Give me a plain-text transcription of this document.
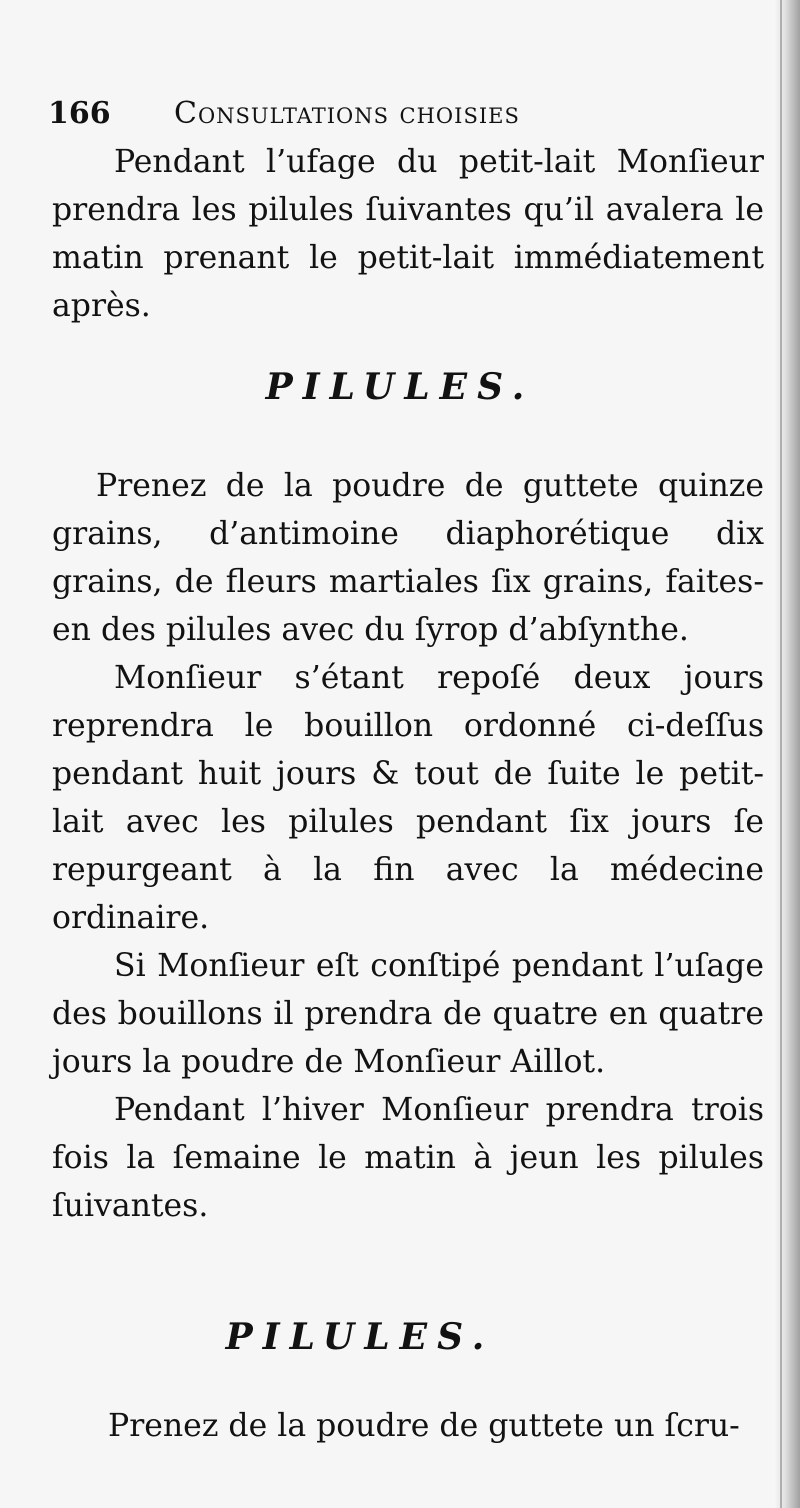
166 Consultations choisies

Pendant l’ufage du petit-lait Monſieur prendra les pilules ſuivantes qu’il avalera le matin prenant le petit-lait immédiatement après.

PILULES.

Prenez de la poudre de guttete quinze grains, d’antimoine diaphorétique dix grains, de fleurs martiales ſix grains, faites-en des pilules avec du ſyrop d’abſynthe.

Monſieur s’étant repoſé deux jours reprendra le bouillon ordonné ci-deſſus pendant huit jours & tout de ſuite le petit-lait avec les pilules pendant ſix jours ſe repurgeant à la fin avec la médecine ordinaire.

Si Monſieur eſt conſtipé pendant l’uſage des bouillons il prendra de quatre en quatre jours la poudre de Monſieur Aillot.

Pendant l’hiver Monſieur prendra trois fois la ſemaine le matin à jeun les pilules ſuivantes.

PILULES.

Prenez de la poudre de guttete un ſcru-
